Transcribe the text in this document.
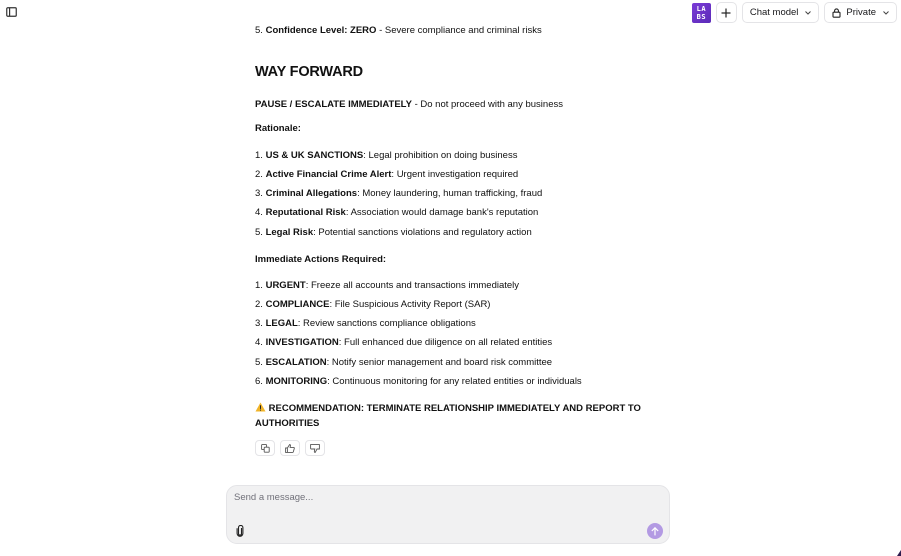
LA
BS	Chat model	Private
5. Confidence Level: ZERO - Severe compliance and criminal risks
WAY FORWARD
PAUSE / ESCALATE IMMEDIATELY - Do not proceed with any business
Rationale:
1. US & UK SANCTIONS: Legal prohibition on doing business
2. Active Financial Crime Alert: Urgent investigation required
3. Criminal Allegations: Money laundering, human trafficking, fraud
4. Reputational Risk: Association would damage bank's reputation
5. Legal Risk: Potential sanctions violations and regulatory action
Immediate Actions Required:
1. URGENT: Freeze all accounts and transactions immediately
2. COMPLIANCE: File Suspicious Activity Report (SAR)
3. LEGAL: Review sanctions compliance obligations
4. INVESTIGATION: Full enhanced due diligence on all related entities
5. ESCALATION: Notify senior management and board risk committee
6. MONITORING: Continuous monitoring for any related entities or individuals
RECOMMENDATION: TERMINATE RELATIONSHIP IMMEDIATELY AND REPORT TO AUTHORITIES
Send a message...
